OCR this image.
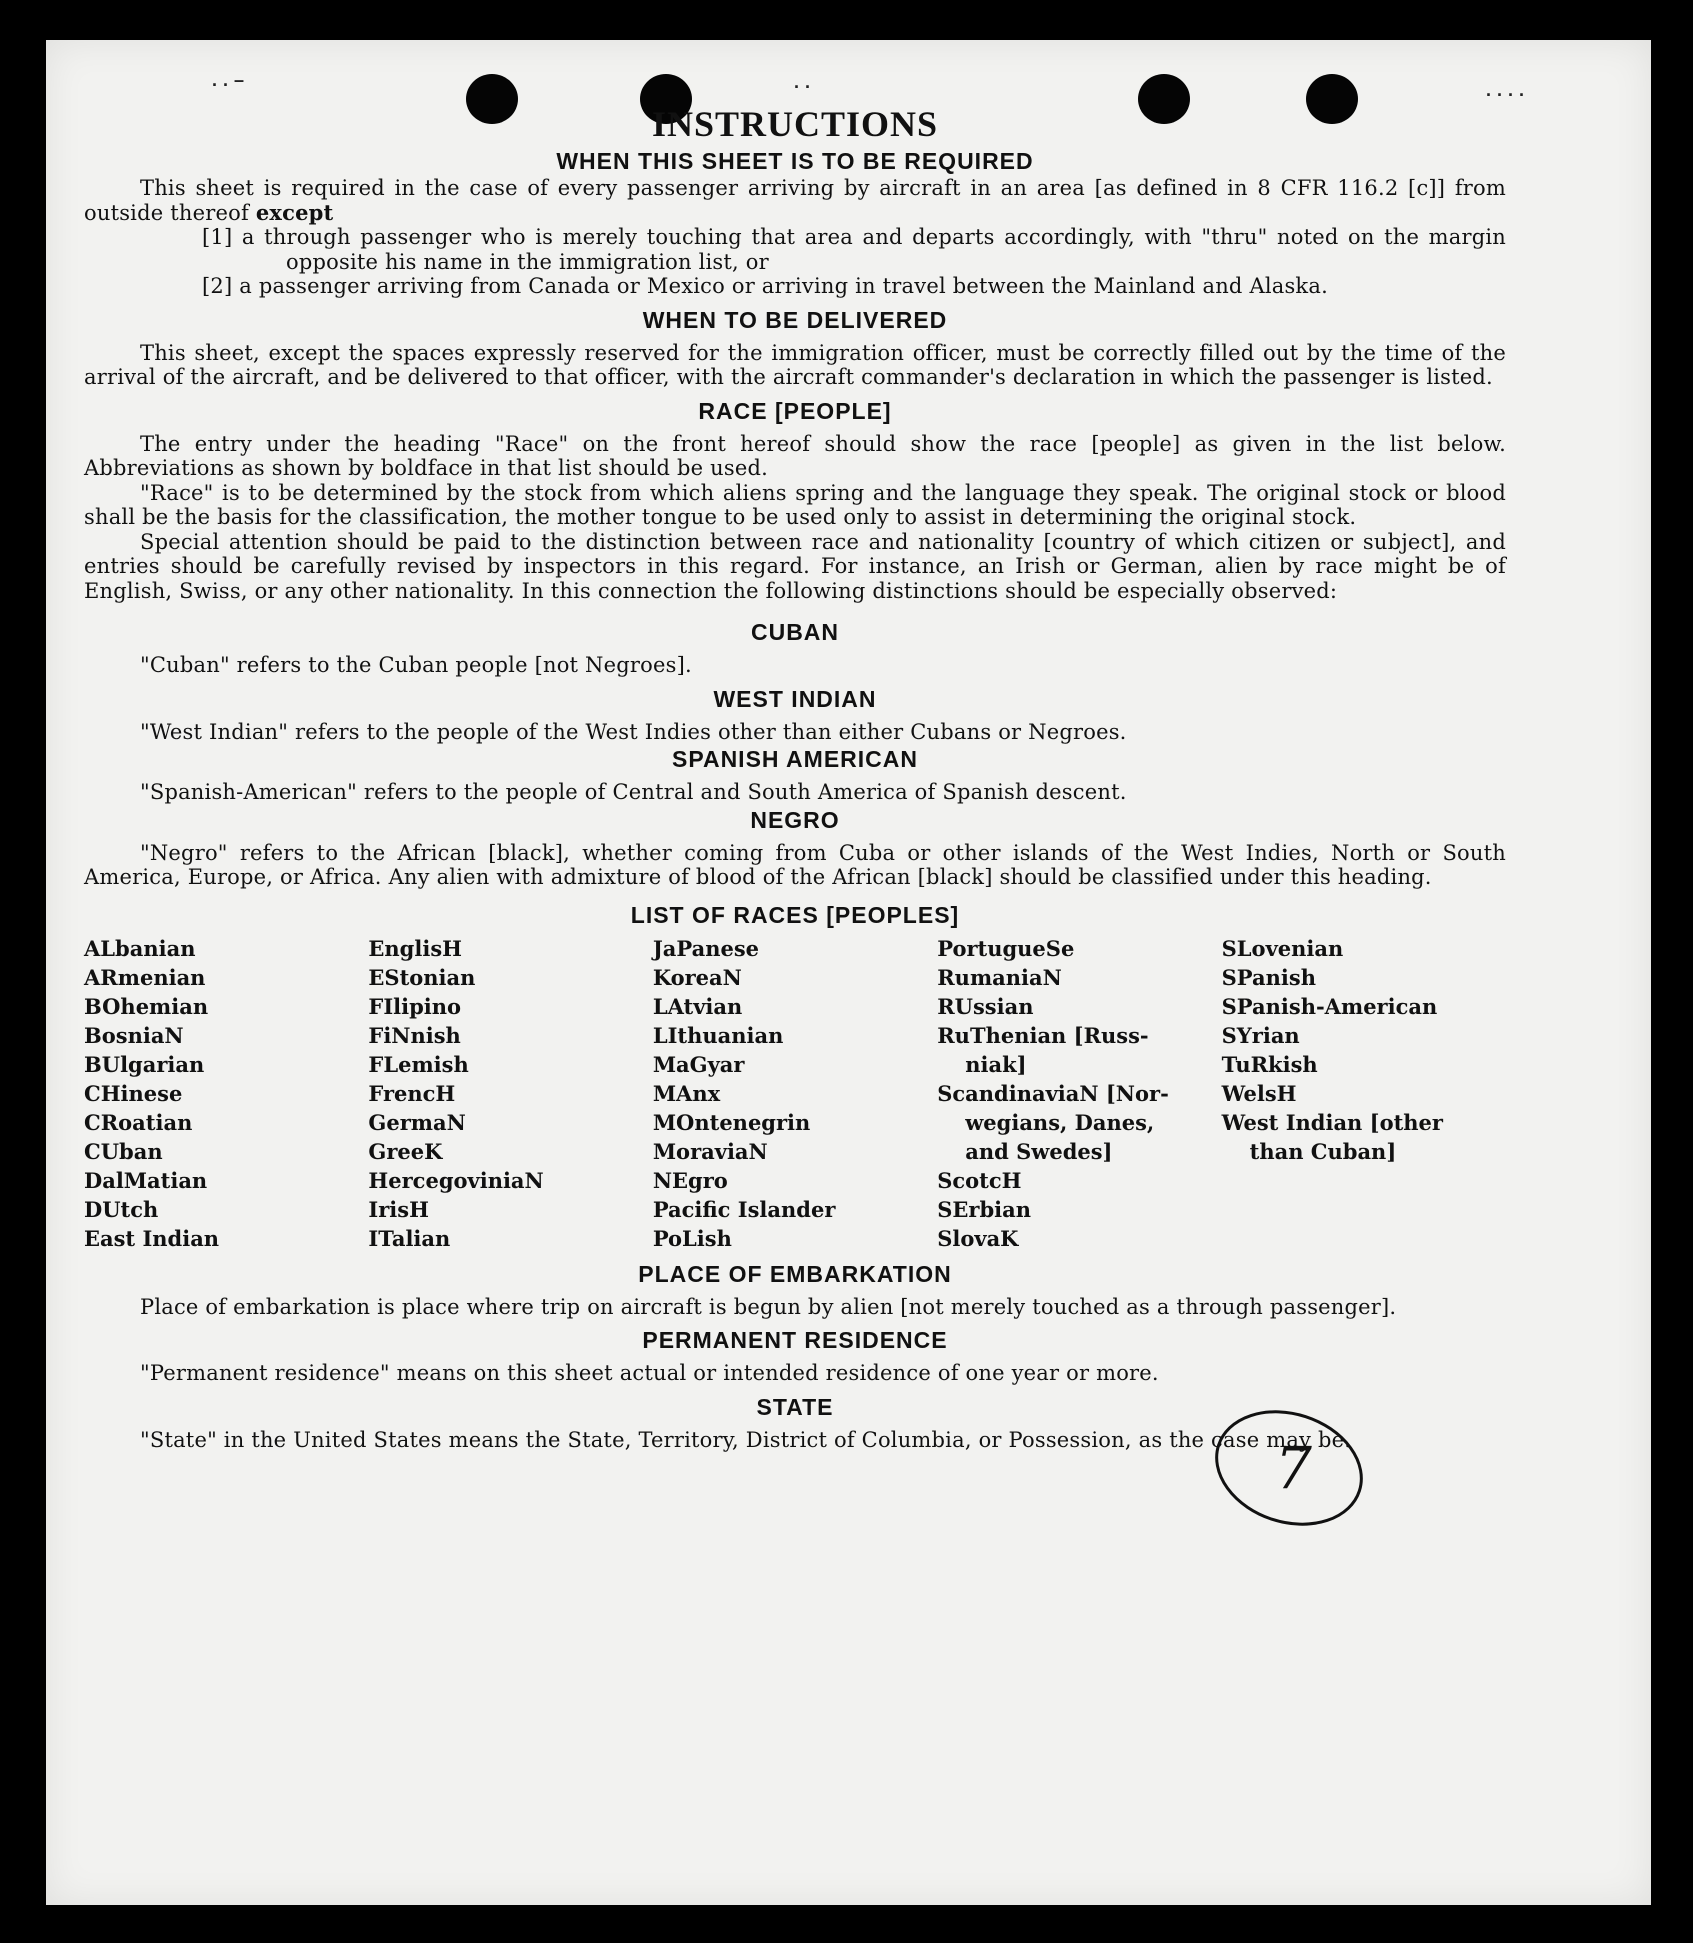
..–	..	....
INSTRUCTIONS
WHEN THIS SHEET IS TO BE REQUIRED

This sheet is required in the case of every passenger arriving by aircraft in an area [as defined in 8 CFR 116.2 [c]] from outside thereof except

[1] a through passenger who is merely touching that area and departs accordingly, with "thru" noted on the margin opposite his name in the immigration list, or

[2] a passenger arriving from Canada or Mexico or arriving in travel between the Mainland and Alaska.

WHEN TO BE DELIVERED

This sheet, except the spaces expressly reserved for the immigration officer, must be correctly filled out by the time of the arrival of the aircraft, and be delivered to that officer, with the aircraft commander's declaration in which the passenger is listed.

RACE [PEOPLE]

The entry under the heading "Race" on the front hereof should show the race [people] as given in the list below. Abbreviations as shown by boldface in that list should be used.

"Race" is to be determined by the stock from which aliens spring and the language they speak. The original stock or blood shall be the basis for the classification, the mother tongue to be used only to assist in determining the original stock.

Special attention should be paid to the distinction between race and nationality [country of which citizen or subject], and entries should be carefully revised by inspectors in this regard. For instance, an Irish or German, alien by race might be of English, Swiss, or any other nationality. In this connection the following distinctions should be especially observed:

CUBAN

"Cuban" refers to the Cuban people [not Negroes].

WEST INDIAN

"West Indian" refers to the people of the West Indies other than either Cubans or Negroes.

SPANISH AMERICAN

"Spanish-American" refers to the people of Central and South America of Spanish descent.

NEGRO

"Negro" refers to the African [black], whether coming from Cuba or other islands of the West Indies, North or South America, Europe, or Africa. Any alien with admixture of blood of the African [black] should be classified under this heading.

LIST OF RACES [PEOPLES]
ALbanian
ARmenian
BOhemian
BosniaN
BUlgarian
CHinese
CRoatian
CUban
DalMatian
DUtch
East Indian
EnglisH
EStonian
FIlipino
FiNnish
FLemish
FrencH
GermaN
GreeK
HercegoviniaN
IrisH
ITalian
JaPanese
KoreaN
LAtvian
LIthuanian
MaGyar
MAnx
MOntenegrin
MoraviaN
NEgro
Pacific Islander
PoLish
PortugueSe
RumaniaN
RUssian
RuThenian [Russ-
niak]
ScandinaviaN [Nor-
wegians, Danes,
and Swedes]
ScotcH
SErbian
SlovaK
SLovenian
SPanish
SPanish-American
SYrian
TuRkish
WelsH
West Indian [other
than Cuban]
PLACE OF EMBARKATION

Place of embarkation is place where trip on aircraft is begun by alien [not merely touched as a through passenger].

PERMANENT RESIDENCE

"Permanent residence" means on this sheet actual or intended residence of one year or more.

STATE

"State" in the United States means the State, Territory, District of Columbia, or Possession, as the case may be.

7
